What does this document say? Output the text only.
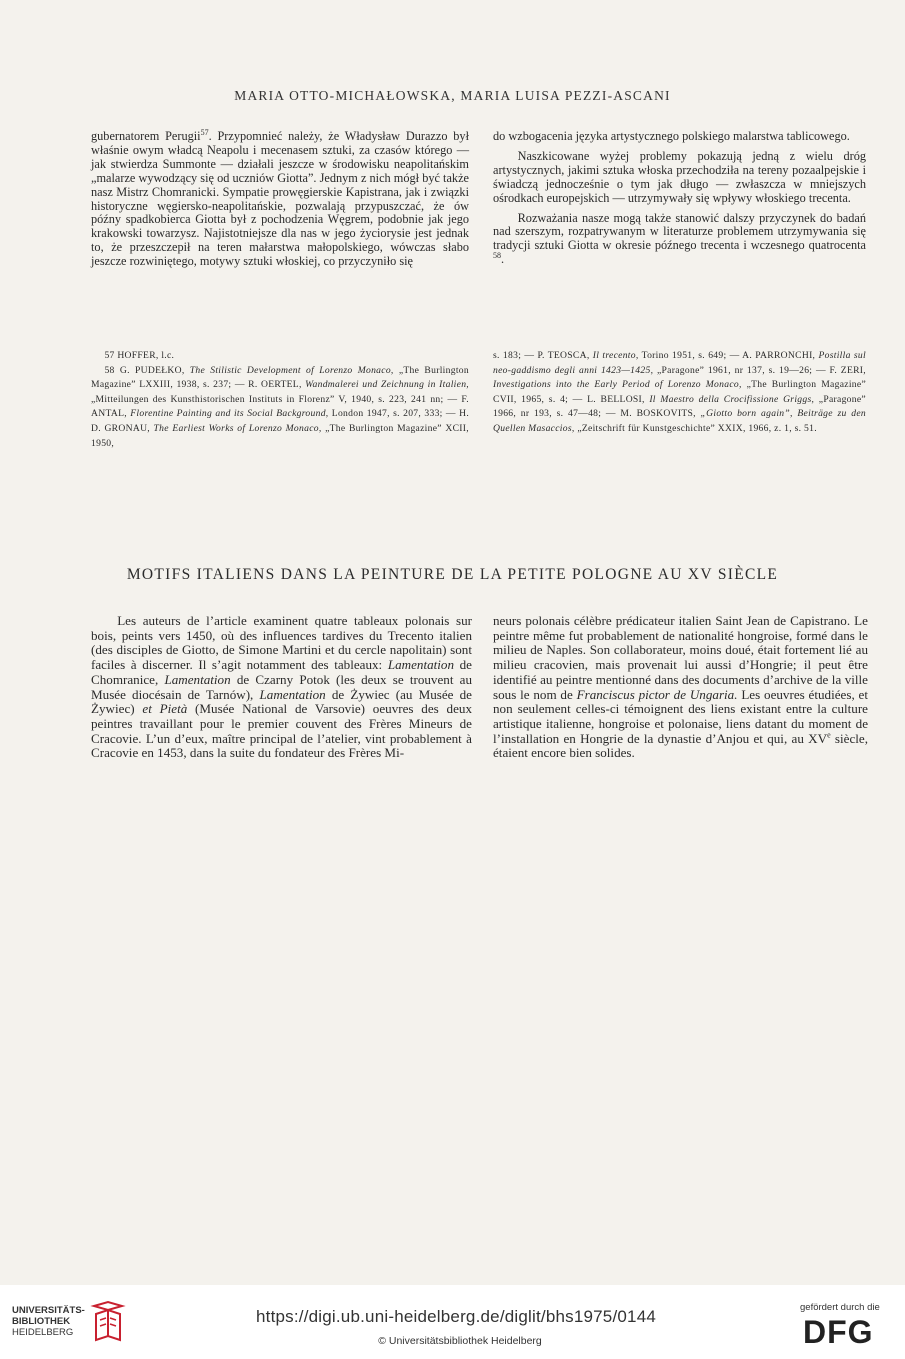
MARIA OTTO-MICHAŁOWSKA, MARIA LUISA PEZZI-ASCANI

gubernatorem Perugii$^{57}$. Przypomnieć należy, że Władysław Durazzo był właśnie owym władcą Neapolu i mecenasem sztuki, za czasów którego — jak stwierdza Summonte — działali jeszcze w środowisku neapolitańskim „malarze wywodzący się od uczniów Giotta”. Jednym z nich mógł być także nasz Mistrz Chomranicki. Sympatie prowęgierskie Kapistrana, jak i związki historyczne węgiersko-neapolitańskie, pozwalają przypuszczać, że ów późny spadkobierca Giotta był z pochodzenia Węgrem, podobnie jak jego krakowski towarzysz. Najistotniejsze dla nas w jego życiorysie jest jednak to, że przeszczepił na teren małarstwa małopolskiego, wówczas słabo jeszcze rozwiniętego, motywy sztuki włoskiej, co przyczyniło się

do wzbogacenia języka artystycznego polskiego malarstwa tablicowego.

Naszkicowane wyżej problemy pokazują jedną z wielu dróg artystycznych, jakimi sztuka włoska przechodziła na tereny pozaalpejskie i świadczą jednocześnie o tym jak długo — zwłaszcza w mniejszych ośrodkach europejskich — utrzymywały się wpływy włoskiego trecenta.

Rozważania nasze mogą także stanowić dalszy przyczynek do badań nad szerszym, rozpatrywanym w literaturze problemem utrzymywania się tradycji sztuki Giotta w okresie późnego trecenta i wczesnego quatrocenta $^{58}$.

57 HOFFER, l.c.

58 G. PUDEŁKO, The Stilistic Development of Lorenzo Monaco, „The Burlington Magazine” LXXIII, 1938, s. 237; — R. OERTEL, Wandmalerei und Zeichnung in Italien, „Mitteilungen des Kunsthistorischen Instituts in Florenz” V, 1940, s. 223, 241 nn; — F. ANTAL, Florentine Painting and its Social Background, London 1947, s. 207, 333; — H. D. GRONAU, The Earliest Works of Lorenzo Monaco, „The Burlington Magazine” XCII, 1950,

s. 183; — P. TEOSCA, Il trecento, Torino 1951, s. 649; — A. PARRONCHI, Postilla sul neo-gaddismo degli anni 1423—1425, „Paragone” 1961, nr 137, s. 19—26; — F. ZERI, Investigations into the Early Period of Lorenzo Monaco, „The Burlington Magazine” CVII, 1965, s. 4; — L. BELLOSI, Il Maestro della Crocifissione Griggs, „Paragone” 1966, nr 193, s. 47—48; — M. BOSKOVITS, „Giotto born again”, Beiträge zu den Quellen Masaccios, „Zeitschrift für Kunstgeschichte” XXIX, 1966, z. 1, s. 51.

MOTIFS ITALIENS DANS LA PEINTURE DE LA PETITE POLOGNE AU XV SIÈCLE

Les auteurs de l’article examinent quatre tableaux polonais sur bois, peints vers 1450, où des influences tardives du Trecento italien (des disciples de Giotto, de Simone Martini et du cercle napolitain) sont faciles à discerner. Il s’agit notamment des tableaux: Lamentation de Chomranice, Lamentation de Czarny Potok (les deux se trouvent au Musée diocésain de Tarnów), Lamentation de Żywiec (au Musée de Żywiec) et Pietà (Musée National de Varsovie) oeuvres des deux peintres travaillant pour le premier couvent des Frères Mineurs de Cracovie. L’un d’eux, maître principal de l’atelier, vint probablement à Cracovie en 1453, dans la suite du fondateur des Frères Mi-

neurs polonais célèbre prédicateur italien Saint Jean de Capistrano. Le peintre même fut probablement de nationalité hongroise, formé dans le milieu de Naples. Son collaborateur, moins doué, était fortement lié au milieu cracovien, mais provenait lui aussi d’Hongrie; il peut être identifié au peintre mentionné dans des documents d’archive de la ville sous le nom de Franciscus pictor de Ungaria. Les oeuvres étudiées, et non seulement celles-ci témoignent des liens existant entre la culture artistique italienne, hongroise et polonaise, liens datant du moment de l’installation en Hongrie de la dynastie d’Anjou et qui, au XVe siècle, étaient encore bien solides.

UNIVERSITÄTS-
BIBLIOTHEK
HEIDELBERG
https://digi.ub.uni-heidelberg.de/diglit/bhs1975/0144
© Universitätsbibliothek Heidelberg
gefördert durch die
DFG
